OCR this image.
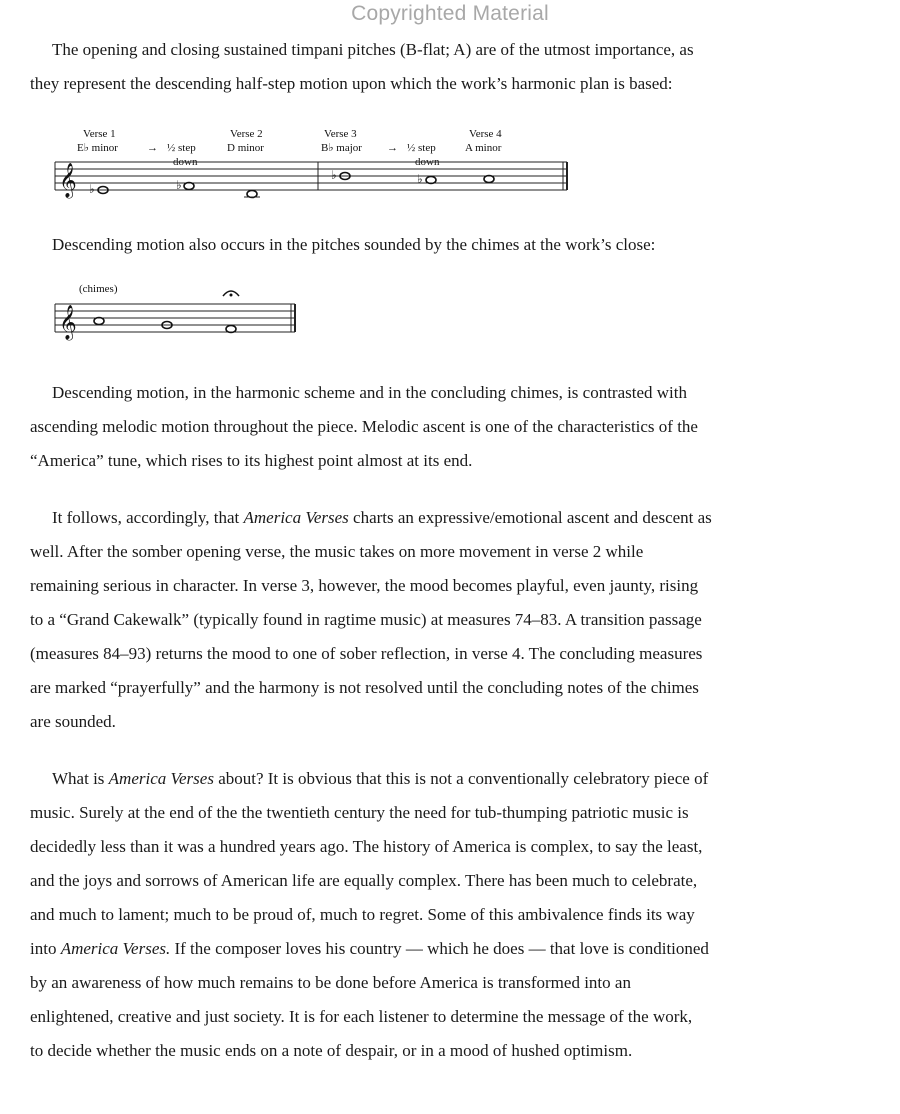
Copyrighted Material
The opening and closing sustained timpani pitches (B-flat; A) are of the utmost importance, as
they represent the descending half-step motion upon which the work’s harmonic plan is based:
Verse 1
E♭ minor	→ ½ step
down
Verse 2
D minor
Verse 3
B♭ major → ½ step
down
Verse 4
A minor
𝄞 ♭	♭
♭	♭
Descending motion also occurs in the pitches sounded by the chimes at the work’s close:
(chimes)
𝄞
Descending motion, in the harmonic scheme and in the concluding chimes, is contrasted with
ascending melodic motion throughout the piece. Melodic ascent is one of the characteristics of the
“America” tune, which rises to its highest point almost at its end.
It follows, accordingly, that America Verses charts an expressive/emotional ascent and descent as
well. After the somber opening verse, the music takes on more movement in verse 2 while
remaining serious in character. In verse 3, however, the mood becomes playful, even jaunty, rising
to a “Grand Cakewalk” (typically found in ragtime music) at measures 74–83. A transition passage
(measures 84–93) returns the mood to one of sober reflection, in verse 4. The concluding measures
are marked “prayerfully” and the harmony is not resolved until the concluding notes of the chimes
are sounded.
What is America Verses about? It is obvious that this is not a conventionally celebratory piece of
music. Surely at the end of the the twentieth century the need for tub-thumping patriotic music is
decidedly less than it was a hundred years ago. The history of America is complex, to say the least,
and the joys and sorrows of American life are equally complex. There has been much to celebrate,
and much to lament; much to be proud of, much to regret. Some of this ambivalence finds its way
into America Verses. If the composer loves his country — which he does — that love is conditioned
by an awareness of how much remains to be done before America is transformed into an
enlightened, creative and just society. It is for each listener to determine the message of the work,
to decide whether the music ends on a note of despair, or in a mood of hushed optimism.
